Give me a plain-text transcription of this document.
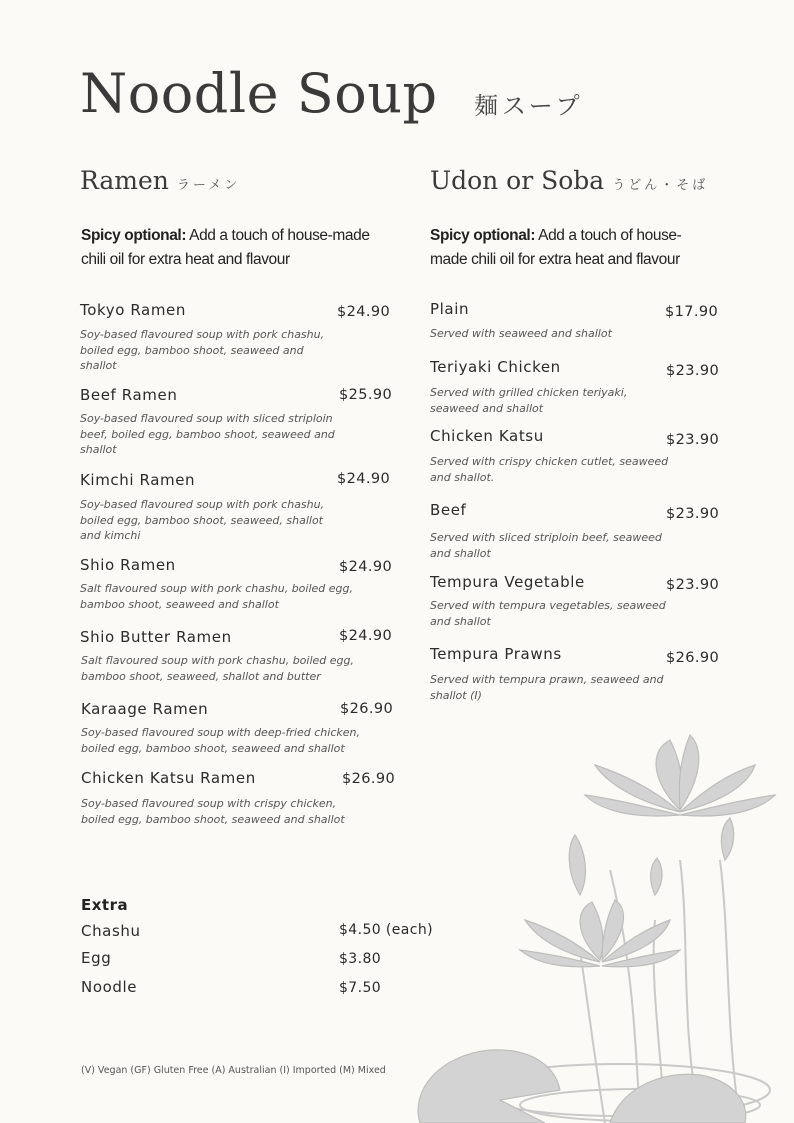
Noodle Soup 麺スープ
Ramen ラーメン
Spicy optional: Add a touch of house-made chili oil for extra heat and flavour
Tokyo Ramen	$24.90
Soy-based flavoured soup with pork chashu, boiled egg, bamboo shoot, seaweed and shallot
Beef Ramen	$25.90
Soy-based flavoured soup with sliced striploin beef, boiled egg, bamboo shoot, seaweed and shallot
Kimchi Ramen	$24.90
Soy-based flavoured soup with pork chashu, boiled egg, bamboo shoot, seaweed, shallot and kimchi
Shio Ramen	$24.90
Salt flavoured soup with pork chashu, boiled egg, bamboo shoot, seaweed and shallot
Shio Butter Ramen	$24.90
Salt flavoured soup with pork chashu, boiled egg, bamboo shoot, seaweed, shallot and butter
Karaage Ramen	$26.90
Soy-based flavoured soup with deep-fried chicken, boiled egg, bamboo shoot, seaweed and shallot
Chicken Katsu Ramen	$26.90
Soy-based flavoured soup with crispy chicken, boiled egg, bamboo shoot, seaweed and shallot
Udon or Soba うどん・そば
Spicy optional: Add a touch of house-made chili oil for extra heat and flavour
Plain	$17.90
Served with seaweed and shallot
Teriyaki Chicken	$23.90
Served with grilled chicken teriyaki, seaweed and shallot
Chicken Katsu	$23.90
Served with crispy chicken cutlet, seaweed and shallot.
Beef	$23.90
Served with sliced striploin beef, seaweed and shallot
Tempura Vegetable	$23.90
Served with tempura vegetables, seaweed and shallot
Tempura Prawns	$26.90
Served with tempura prawn, seaweed and shallot (I)
Extra
Chashu	$4.50 (each)
Egg	$3.80
Noodle	$7.50
(V) Vegan (GF) Gluten Free (A) Australian (I) Imported (M) Mixed
